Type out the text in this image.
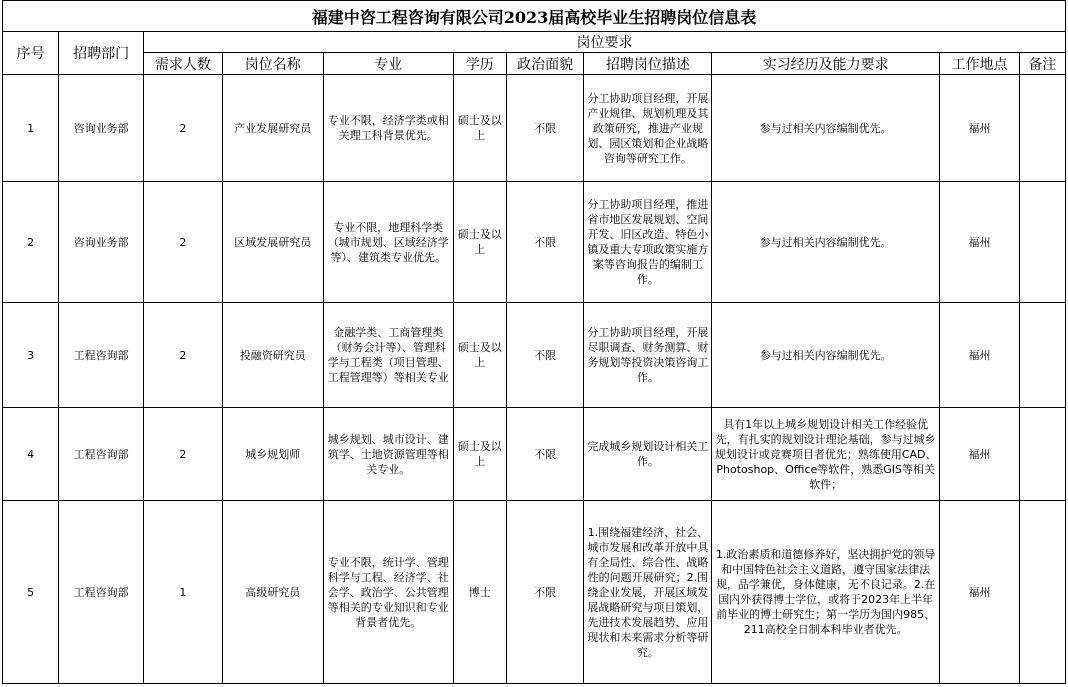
福建中咨工程咨询有限公司2023届高校毕业生招聘岗位信息表										
序号	招聘部门	岗位要求								
		需求人数	岗位名称	专业	学历	政治面貌	招聘岗位描述	实习经历及能力要求	工作地点	备注
1	咨询业务部	2	产业发展研究员	专业不限，经济学类或相关理工科背景优先。	硕士及以上	不限	分工协助项目经理，开展产业规律、规划机理及其政策研究，推进产业规划、园区策划和企业战略咨询等研究工作。	参与过相关内容编制优先。	福州	
2	咨询业务部	2	区域发展研究员	专业不限，地理科学类（城市规划、区域经济学等）、建筑类专业优先。	硕士及以上	不限	分工协助项目经理，推进省市地区发展规划、空间开发、旧区改造、特色小镇及重大专项政策实施方案等咨询报告的编制工作。	参与过相关内容编制优先。	福州	
3	工程咨询部	2	投融资研究员	金融学类、工商管理类（财务会计等）、管理科学与工程类（项目管理、工程管理等）等相关专业	硕士及以上	不限	分工协助项目经理，开展尽职调查、财务测算、财务规划等投资决策咨询工作。	参与过相关内容编制优先。	福州	
4	工程咨询部	2	城乡规划师	城乡规划、城市设计、建筑学、土地资源管理等相关专业。	硕士及以上	不限	完成城乡规划设计相关工作。	具有1年以上城乡规划设计相关工作经验优先，有扎实的规划设计理论基础，参与过城乡规划设计或竞赛项目者优先；熟练使用CAD、Photoshop、Office等软件，熟悉GIS等相关软件；	福州	
5	工程咨询部	1	高级研究员	专业不限，统计学、管理科学与工程、经济学、社会学、政治学、公共管理等相关的专业知识和专业背景者优先。	博士	不限	1.围绕福建经济、社会、城市发展和改革开放中具有全局性、综合性、战略性的问题开展研究；2.围绕企业发展，开展区域发展战略研究与项目策划，先进技术发展趋势、应用现状和未来需求分析等研究。	1.政治素质和道德修养好，坚决拥护党的领导和中国特色社会主义道路，遵守国家法律法规，品学兼优，身体健康，无不良记录。2.在国内外获得博士学位，或将于2023年上半年前毕业的博士研究生；第一学历为国内985、211高校全日制本科毕业者优先。	福州	
